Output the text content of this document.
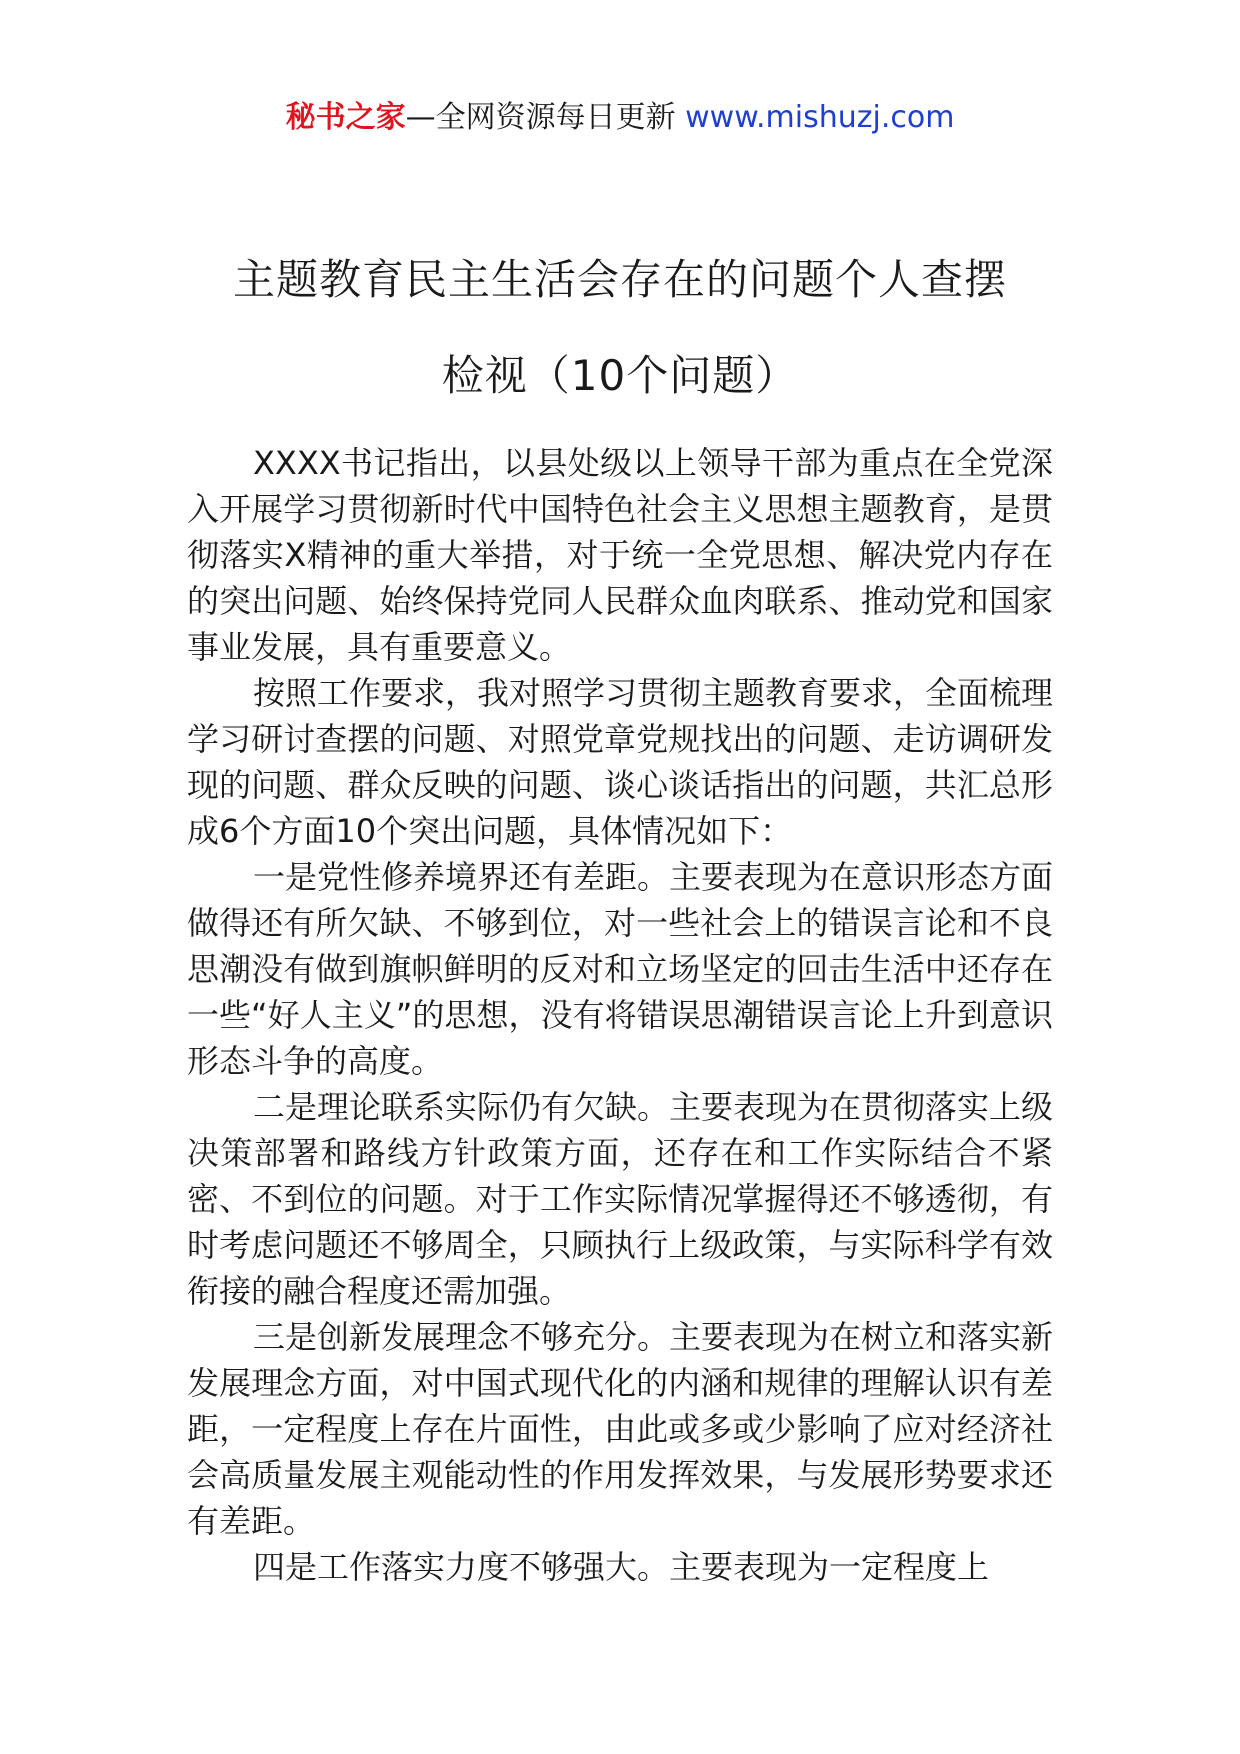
秘书之家—全网资源每日更新 www.mishuzj.com
主题教育民主生活会存在的问题个人查摆
检视（10个问题）

XXXX书记指出，以县处级以上领导干部为重点在全党深入开展学习贯彻新时代中国特色社会主义思想主题教育，是贯彻落实X精神的重大举措，对于统一全党思想、解决党内存在的突出问题、始终保持党同人民群众血肉联系、推动党和国家事业发展，具有重要意义。

按照工作要求，我对照学习贯彻主题教育要求，全面梳理学习研讨查摆的问题、对照党章党规找出的问题、走访调研发现的问题、群众反映的问题、谈心谈话指出的问题，共汇总形成6个方面10个突出问题，具体情况如下：

一是党性修养境界还有差距。主要表现为在意识形态方面做得还有所欠缺、不够到位，对一些社会上的错误言论和不良思潮没有做到旗帜鲜明的反对和立场坚定的回击生活中还存在一些“好人主义”的思想，没有将错误思潮错误言论上升到意识形态斗争的高度。

二是理论联系实际仍有欠缺。主要表现为在贯彻落实上级决策部署和路线方针政策方面，还存在和工作实际结合不紧密、不到位的问题。对于工作实际情况掌握得还不够透彻，有时考虑问题还不够周全，只顾执行上级政策，与实际科学有效衔接的融合程度还需加强。

三是创新发展理念不够充分。主要表现为在树立和落实新发展理念方面，对中国式现代化的内涵和规律的理解认识有差距，一定程度上存在片面性，由此或多或少影响了应对经济社会高质量发展主观能动性的作用发挥效果，与发展形势要求还有差距。

四是工作落实力度不够强大。主要表现为一定程度上
